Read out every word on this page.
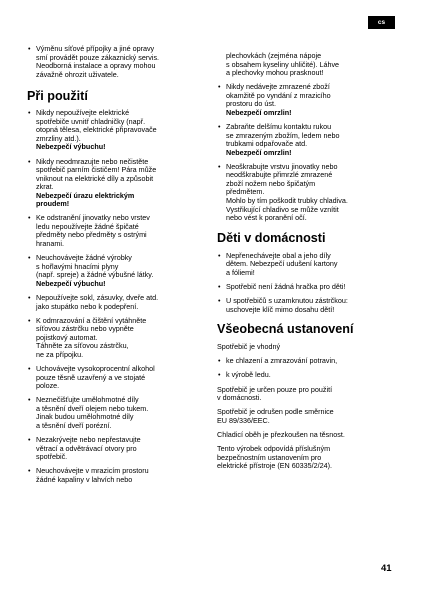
cs
• Výměnu síťové přípojky a jiné opravy
smí provádět pouze zákaznický servis.
Neodborná instalace a opravy mohou
závažně ohrozit uživatele.
Při použití
• Nikdy nepoužívejte elektrické
spotřebiče uvnitř chladničky (např.
otopná tělesa, elektrické připravovače
zmrzliny atd.).
Nebezpečí výbuchu!
• Nikdy neodmrazujte nebo nečistěte
spotřebič parním čističem! Pára může
vniknout na elektrické díly a způsobit
zkrat.
Nebezpečí úrazu elektrickým
proudem!
• Ke odstranění jinovatky nebo vrstev
ledu nepoužívejte žádné špičaté
předměty nebo předměty s ostrými
hranami.
• Neuchovávejte žádné výrobky
s hořlavými hnacími plyny
(např. spreje) a žádné výbušné látky.
Nebezpečí výbuchu!
• Nepoužívejte sokl, zásuvky, dveře atd.
jako stupátko nebo k podepření.
• K odmrazování a čištění vytáhněte
síťovou zástrčku nebo vypněte
pojistkový automat.
Táhněte za síťovou zástrčku,
ne za přípojku.
• Uchovávejte vysokoprocentní alkohol
pouze těsně uzavřený a ve stojaté
poloze.
• Neznečišťujte umělohmotné díly
a těsnění dveří olejem nebo tukem.
Jinak budou umělohmotné díly
a těsnění dveří porézní.
• Nezakrývejte nebo nepřestavujte
větrací a odvětrávací otvory pro
spotřebič.
• Neuchovávejte v mrazicím prostoru
žádné kapaliny v lahvích nebo
plechovkách (zejména nápoje
s obsahem kyseliny uhličité). Láhve
a plechovky mohou prasknout!
• Nikdy nedávejte zmrazené zboží
okamžitě po vyndání z mrazicího
prostoru do úst.
Nebezpečí omrzlin!
• Zabraňte delšímu kontaktu rukou
se zmrazeným zbožím, ledem nebo
trubkami odpařovače atd.
Nebezpečí omrzlin!
• Neoškrabujte vrstvu jinovatky nebo
neodškrabujte přimrzlé zmrazené
zboží nožem nebo špičatým
předmětem.
Mohlo by tím poškodit trubky chladiva.
Vystřikující chladivo se může vznítit
nebo vést k poranění očí.
Děti v domácnosti
• Nepřenechávejte obal a jeho díly
dětem. Nebezpečí udušení kartony
a fóliemi!
• Spotřebič není žádná hračka pro děti!
• U spotřebičů s uzamknutou zástrčkou:
uschovejte klíč mimo dosahu dětí!
Všeobecná ustanovení

Spotřebič je vhodný

• ke chlazení a zmrazování potravin,
• k výrobě ledu.

Spotřebič je určen pouze pro použití
v domácnosti.

Spotřebič je odrušen podle směrnice
EU 89/336/EEC.

Chladicí oběh je přezkoušen na těsnost.

Tento výrobek odpovídá příslušným
bezpečnostním ustanovením pro
elektrické přístroje (EN 60335/2/24).

41
